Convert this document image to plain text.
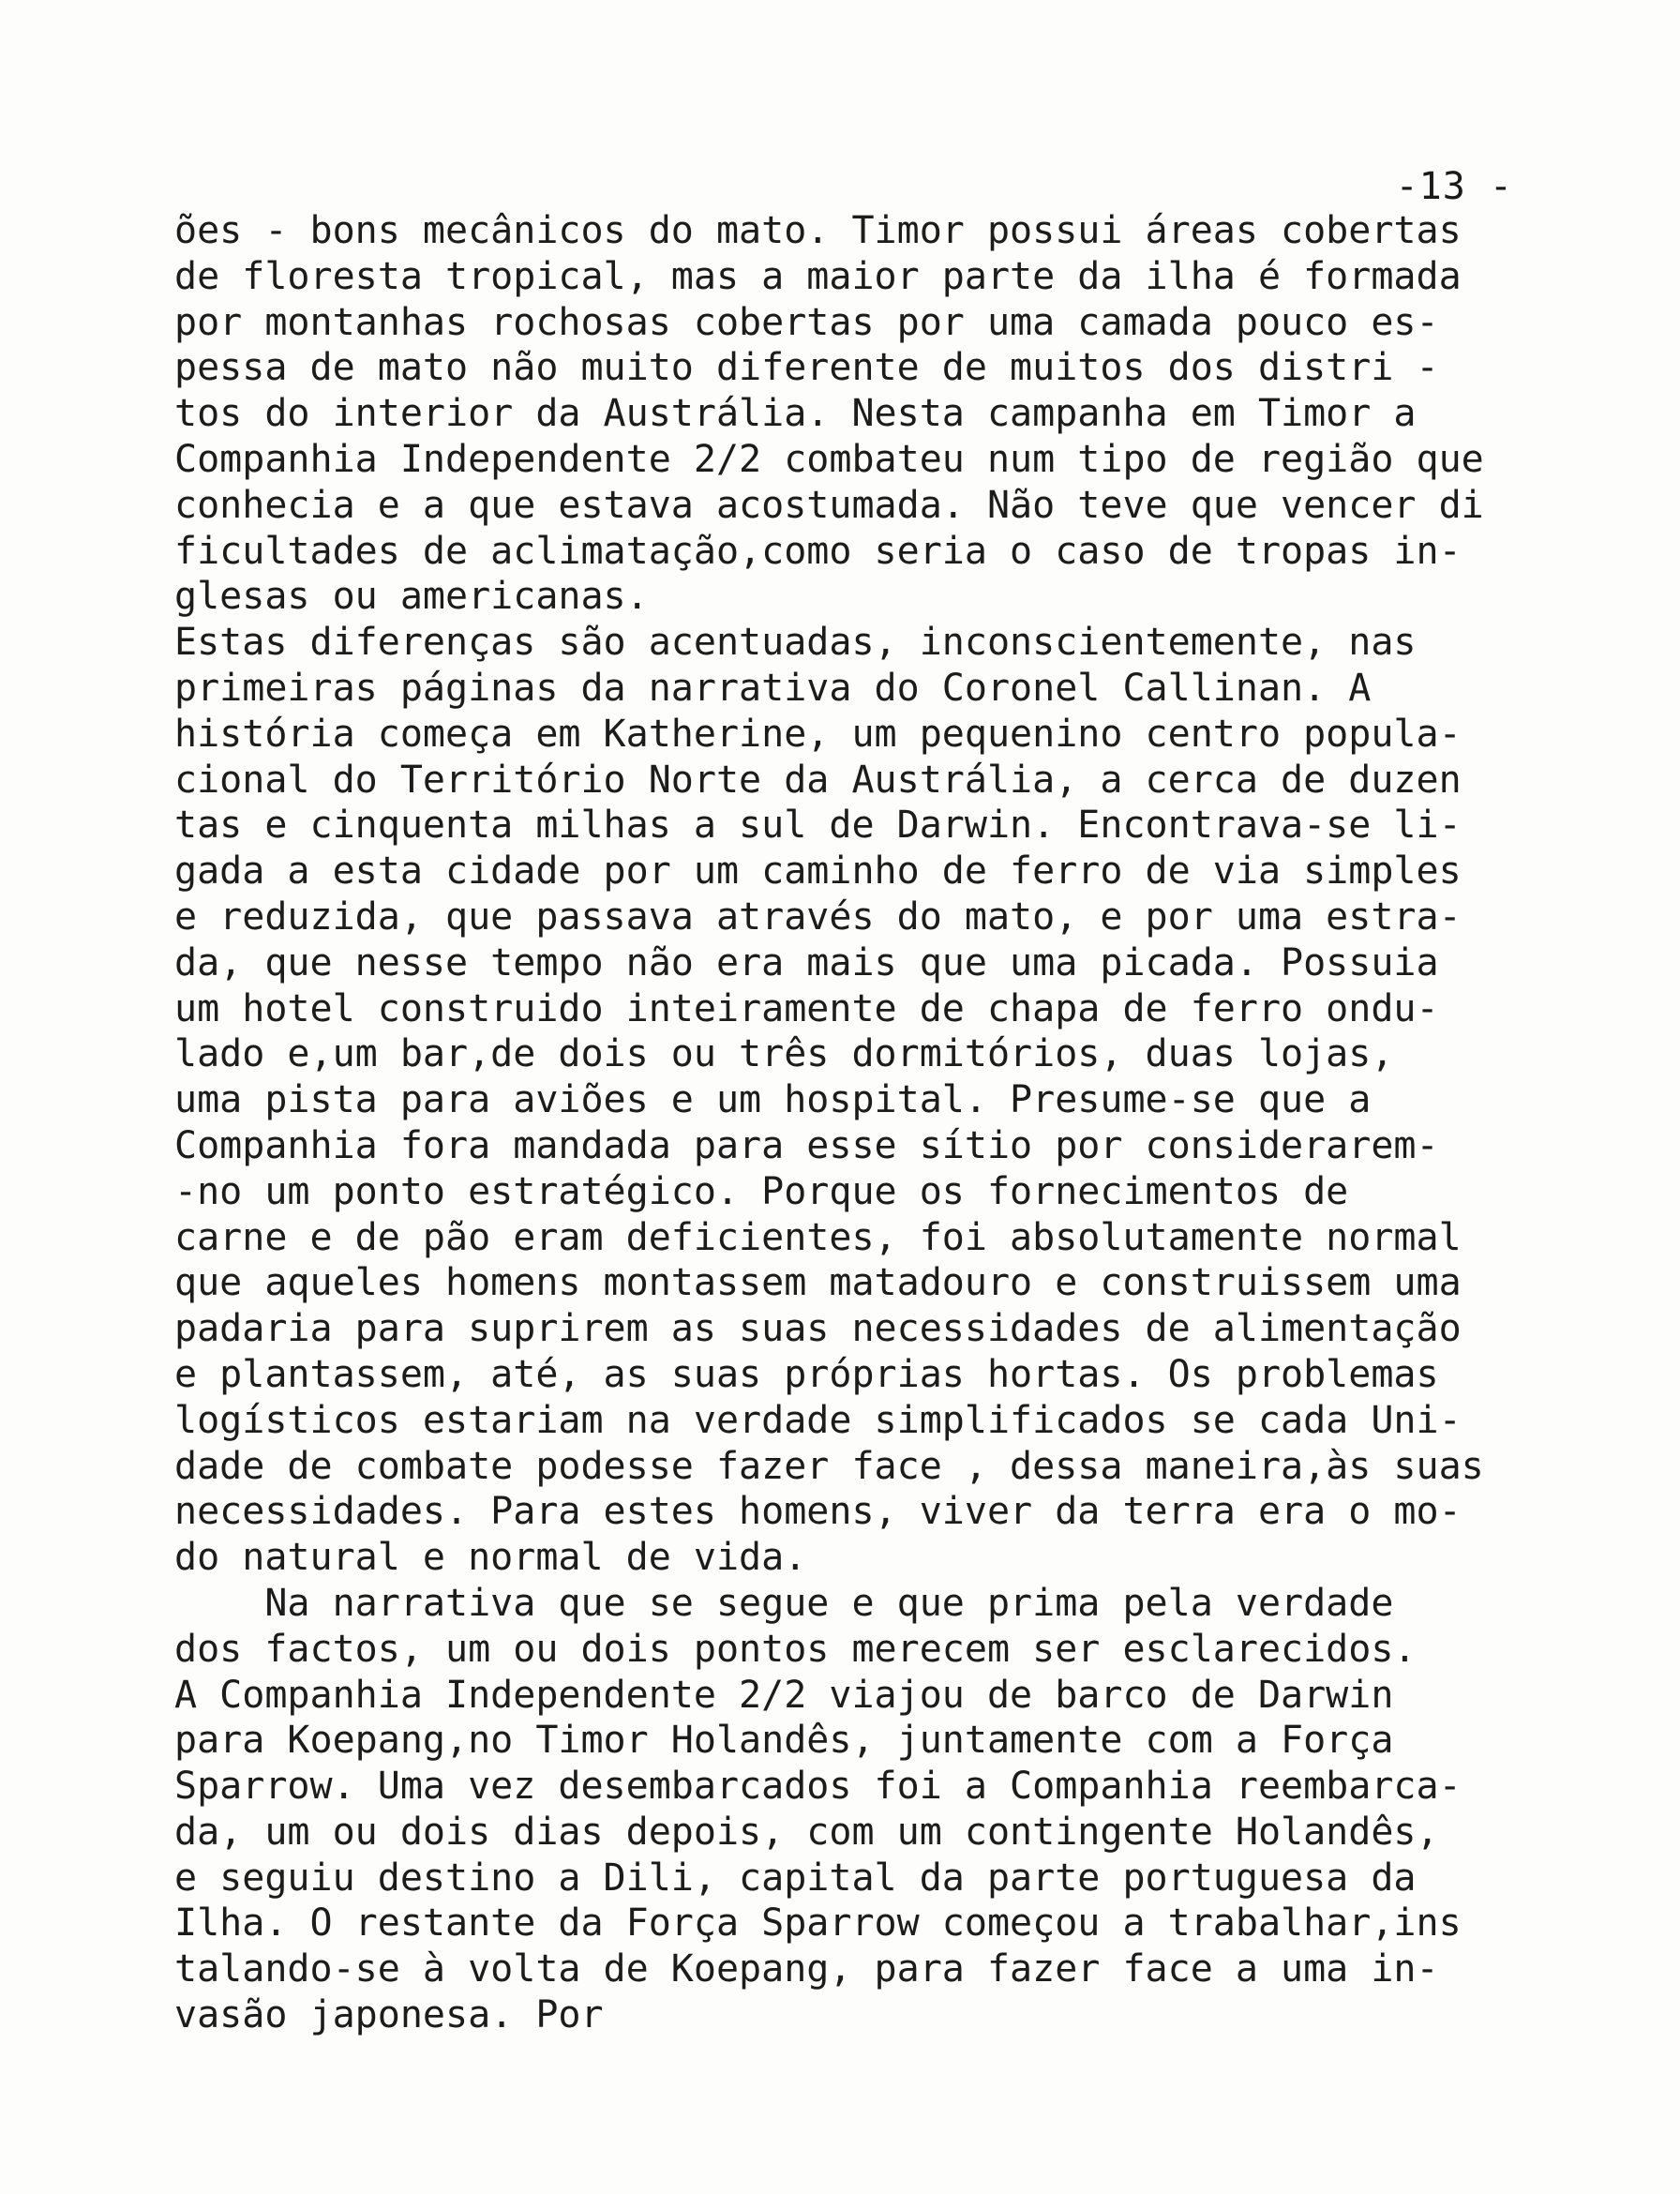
-13 -
ões - bons mecânicos do mato. Timor possui áreas cobertas
de floresta tropical, mas a maior parte da ilha é formada
por montanhas rochosas cobertas por uma camada pouco es-
pessa de mato não muito diferente de muitos dos distri -
tos do interior da Austrália. Nesta campanha em Timor a
Companhia Independente 2/2 combateu num tipo de região que
conhecia e a que estava acostumada. Não teve que vencer di
ficultades de aclimatação,como seria o caso de tropas in-
glesas ou americanas.
Estas diferenças são acentuadas, inconscientemente, nas
primeiras páginas da narrativa do Coronel Callinan. A
história começa em Katherine, um pequenino centro popula-
cional do Território Norte da Austrália, a cerca de duzen
tas e cinquenta milhas a sul de Darwin. Encontrava-se li-
gada a esta cidade por um caminho de ferro de via simples
e reduzida, que passava através do mato, e por uma estra-
da, que nesse tempo não era mais que uma picada. Possuia
um hotel construido inteiramente de chapa de ferro ondu-
lado e,um bar,de dois ou três dormitórios, duas lojas,
uma pista para aviões e um hospital. Presume-se que a
Companhia fora mandada para esse sítio por considerarem-
-no um ponto estratégico. Porque os fornecimentos de
carne e de pão eram deficientes, foi absolutamente normal
que aqueles homens montassem matadouro e construissem uma
padaria para suprirem as suas necessidades de alimentação
e plantassem, até, as suas próprias hortas. Os problemas
logísticos estariam na verdade simplificados se cada Uni-
dade de combate podesse fazer face , dessa maneira,às suas
necessidades. Para estes homens, viver da terra era o mo-
do natural e normal de vida.
Na narrativa que se segue e que prima pela verdade
dos factos, um ou dois pontos merecem ser esclarecidos.
A Companhia Independente 2/2 viajou de barco de Darwin
para Koepang,no Timor Holandês, juntamente com a Força
Sparrow. Uma vez desembarcados foi a Companhia reembarca-
da, um ou dois dias depois, com um contingente Holandês,
e seguiu destino a Dili, capital da parte portuguesa da
Ilha. O restante da Força Sparrow começou a trabalhar,ins
talando-se à volta de Koepang, para fazer face a uma in-
vasão japonesa. Por
